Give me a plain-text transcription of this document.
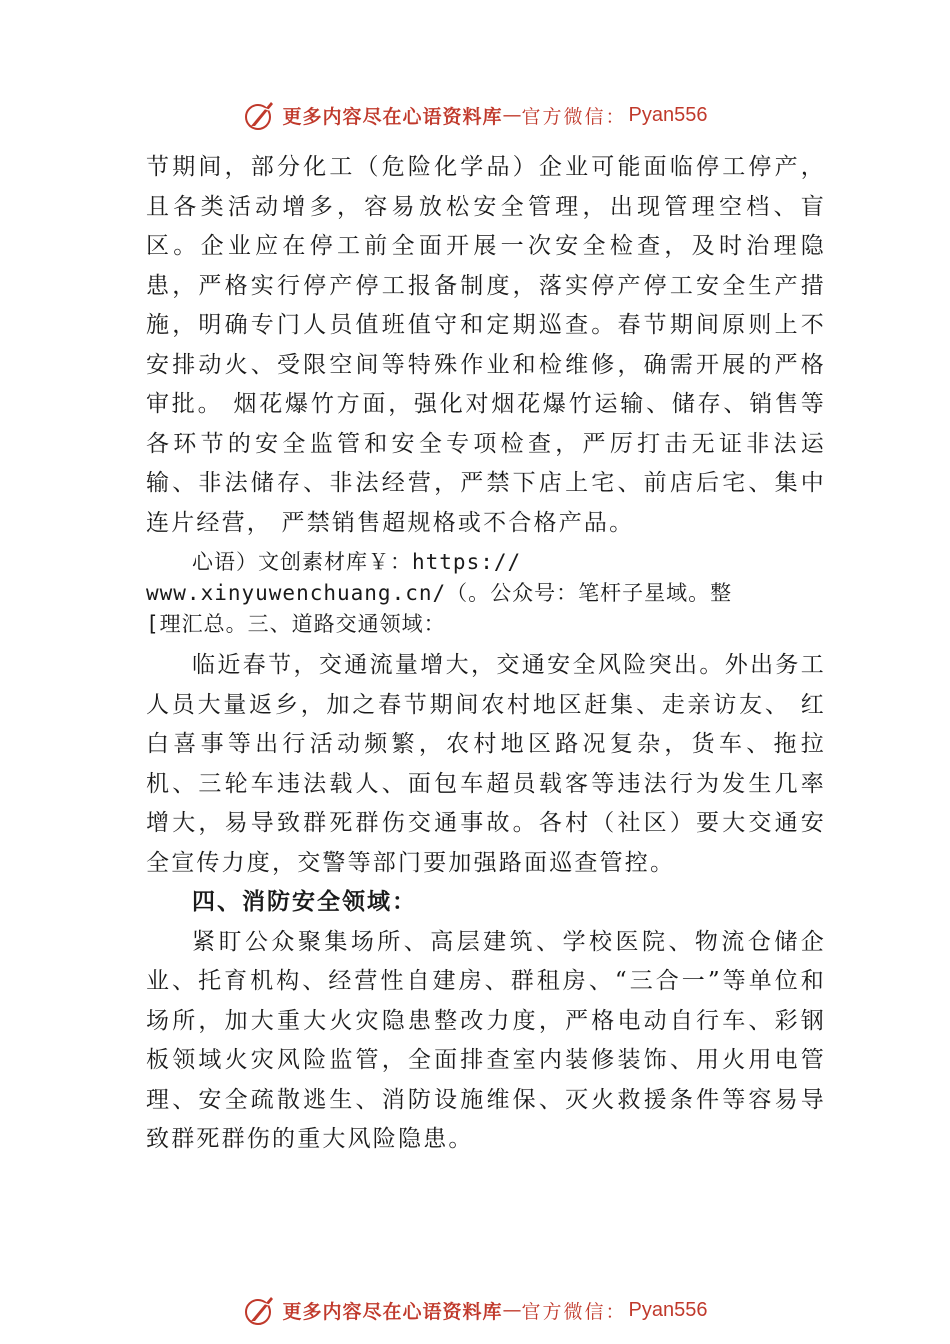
更多内容尽在心语资料库 — 官方微信： Pyan556

节期间，部分化工（危险化学品）企业可能面临停工停产，且各类活动增多，容易放松安全管理，出现管理空档、盲区。企业应在停工前全面开展一次安全检查，及时治理隐患，严格实行停产停工报备制度，落实停产停工安全生产措施，明确专门人员值班值守和定期巡查。春节期间原则上不安排动火、受限空间等特殊作业和检维修，确需开展的严格审批。 烟花爆竹方面，强化对烟花爆竹运输、储存、销售等各环节的安全监管和安全专项检查，严厉打击无证非法运输、非法储存、非法经营，严禁下店上宅、前店后宅、集中连片经营， 严禁销售超规格或不合格产品。

心语）文创素材库￥：https://
www.xinyuwenchuang.cn/（。公众号：笔杆子星域。整
[理汇总。三、道路交通领域：

临近春节，交通流量增大，交通安全风险突出。外出务工人员大量返乡，加之春节期间农村地区赶集、走亲访友、 红白喜事等出行活动频繁，农村地区路况复杂，货车、拖拉机、三轮车违法载人、面包车超员载客等违法行为发生几率增大，易导致群死群伤交通事故。各村（社区）要大交通安全宣传力度，交警等部门要加强路面巡查管控。

四、消防安全领域：

紧盯公众聚集场所、高层建筑、学校医院、物流仓储企业、托育机构、经营性自建房、群租房、“三合一”等单位和场所，加大重大火灾隐患整改力度，严格电动自行车、彩钢板领域火灾风险监管，全面排查室内装修装饰、用火用电管理、安全疏散逃生、消防设施维保、灭火救援条件等容易导致群死群伤的重大风险隐患。

更多内容尽在心语资料库 — 官方微信： Pyan556
